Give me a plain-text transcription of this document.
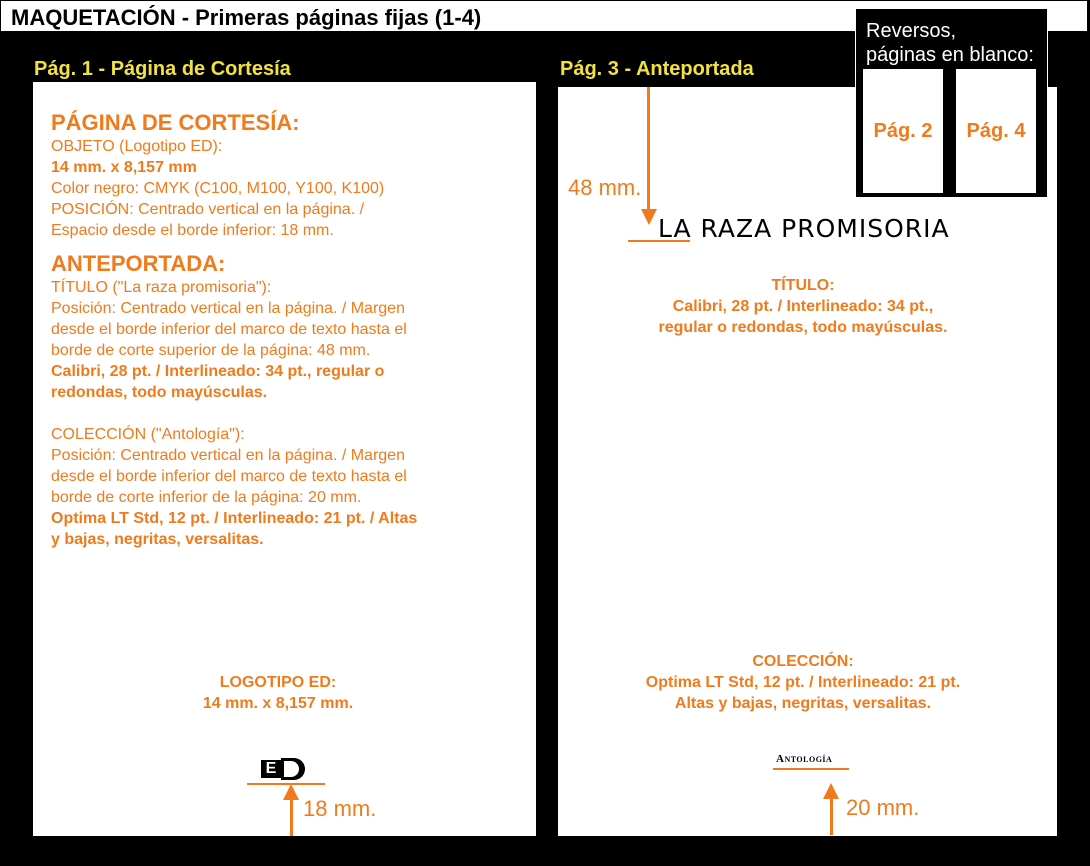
MAQUETACIÓN - Primeras páginas fijas (1-4)
Pág. 1 - Página de Cortesía
PÁGINA DE CORTESÍA:
OBJETO (Logotipo ED):
14 mm. x 8,157 mm
Color negro: CMYK (C100, M100, Y100, K100)
POSICIÓN: Centrado vertical en la página. /
Espacio desde el borde inferior: 18 mm.
ANTEPORTADA:
TÍTULO ("La raza promisoria"):
Posición: Centrado vertical en la página. / Margen
desde el borde inferior del marco de texto hasta el
borde de corte superior de la página: 48 mm.
Calibri, 28 pt. / Interlineado: 34 pt., regular o
redondas, todo mayúsculas.
COLECCIÓN ("Antología"):
Posición: Centrado vertical en la página. / Margen
desde el borde inferior del marco de texto hasta el
borde de corte inferior de la página: 20 mm.
Optima LT Std, 12 pt. / Interlineado: 21 pt. / Altas
y bajas, negritas, versalitas.
LOGOTIPO ED:
14 mm. x 8,157 mm.
E
18 mm.
Pág. 3 - Anteportada
48 mm.
LA RAZA PROMISORIA
TÍTULO:
Calibri, 28 pt. / Interlineado: 34 pt.,
regular o redondas, todo mayúsculas.
COLECCIÓN:
Optima LT Std, 12 pt. / Interlineado: 21 pt.
Altas y bajas, negritas, versalitas.
Antología
20 mm.
Reversos,
páginas en blanco:
Pág. 2	Pág. 4
